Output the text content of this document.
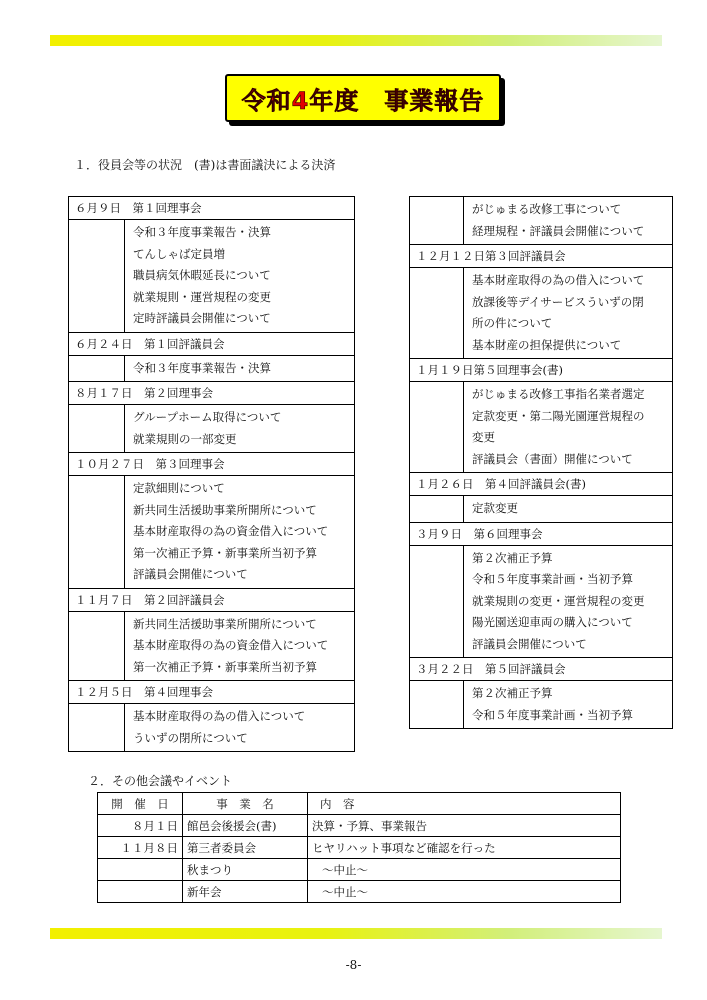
令和4年度　事業報告
１．役員会等の状況　(書)は書面議決による決済
６月９日　第１回理事会	

	令和３年度事業報告・決算
てんしゃば定員増
職員病気休暇延長について
就業規則・運営規程の変更
定時評議員会開催について

６月２４日　第１回評議員会	

	令和３年度事業報告・決算

８月１７日　第２回理事会	

	グループホーム取得について
就業規則の一部変更

１０月２７日　第３回理事会	

	定款細則について
新共同生活援助事業所開所について
基本財産取得の為の資金借入について
第一次補正予算・新事業所当初予算
評議員会開催について

１１月７日　第２回評議員会	

	新共同生活援助事業所開所について
基本財産取得の為の資金借入について
第一次補正予算・新事業所当初予算

１２月５日　第４回理事会	

	基本財産取得の為の借入について
ういずの閉所について

	がじゅまる改修工事について
経理規程・評議員会開催について

１２月１２日第３回評議員会	

	基本財産取得の為の借入について
放課後等デイサービスういずの閉
所の件について
基本財産の担保提供について

１月１９日第５回理事会(書)	

	がじゅまる改修工事指名業者選定
定款変更・第二陽光園運営規程の
変更
評議員会（書面）開催について

１月２６日　第４回評議員会(書)	

	定款変更

３月９日　第６回理事会	

	第２次補正予算
令和５年度事業計画・当初予算
就業規則の変更・運営規程の変更
陽光園送迎車両の購入について
評議員会開催について

３月２２日　第５回評議員会	

	第２次補正予算
令和５年度事業計画・当初予算
２．その他会議やイベント
開　催　日	事　業　名	内　容
８月１日	館邑会後援会(書)	決算・予算、事業報告
１１月８日	第三者委員会	ヒヤリハット事項など確認を行った
	秋まつり	～中止～
	新年会	～中止～
-8-
